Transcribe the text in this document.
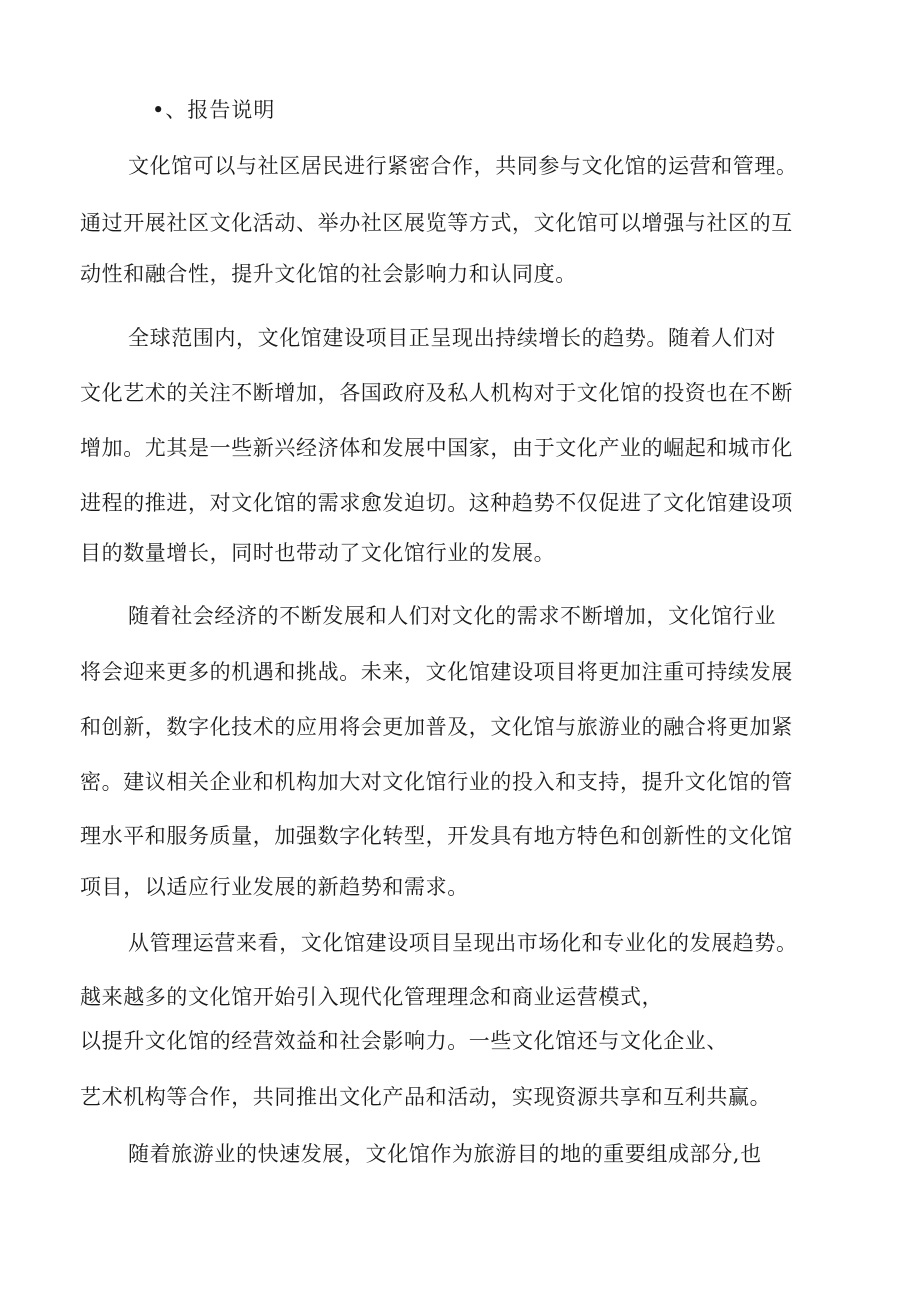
•、报告说明
文化馆可以与社区居民进行紧密合作，共同参与文化馆的运营和管理。
通过开展社区文化活动、举办社区展览等方式，文化馆可以增强与社区的互
动性和融合性，提升文化馆的社会影响力和认同度。
全球范围内，文化馆建设项目正呈现出持续增长的趋势。随着人们对
文化艺术的关注不断增加，各国政府及私人机构对于文化馆的投资也在不断
增加。尤其是一些新兴经济体和发展中国家，由于文化产业的崛起和城市化
进程的推进，对文化馆的需求愈发迫切。这种趋势不仅促进了文化馆建设项
目的数量增长，同时也带动了文化馆行业的发展。
随着社会经济的不断发展和人们对文化的需求不断增加，文化馆行业
将会迎来更多的机遇和挑战。未来，文化馆建设项目将更加注重可持续发展
和创新，数字化技术的应用将会更加普及，文化馆与旅游业的融合将更加紧
密。建议相关企业和机构加大对文化馆行业的投入和支持，提升文化馆的管
理水平和服务质量，加强数字化转型，开发具有地方特色和创新性的文化馆
项目，以适应行业发展的新趋势和需求。
从管理运营来看，文化馆建设项目呈现出市场化和专业化的发展趋势。
越来越多的文化馆开始引入现代化管理理念和商业运营模式，
以提升文化馆的经营效益和社会影响力。一些文化馆还与文化企业、
艺术机构等合作，共同推出文化产品和活动，实现资源共享和互利共赢。
随着旅游业的快速发展，文化馆作为旅游目的地的重要组成部分,也
